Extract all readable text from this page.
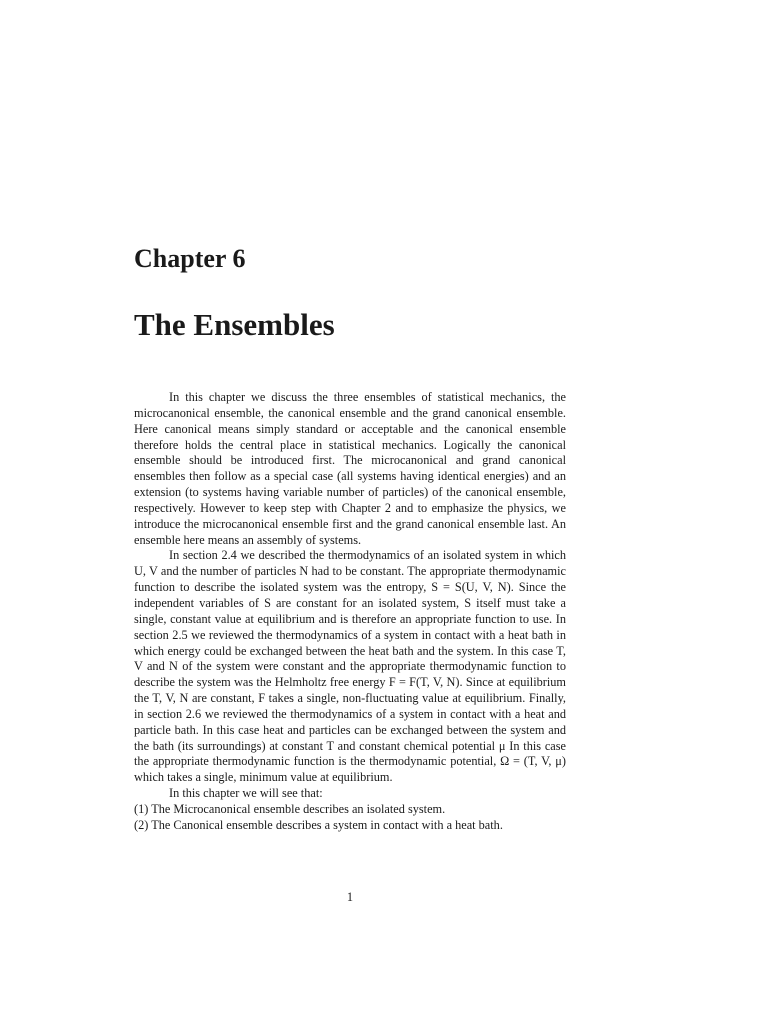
Chapter 6
The Ensembles

In this chapter we discuss the three ensembles of statistical mechanics, the microcanonical ensemble, the canonical ensemble and the grand canonical ensemble. Here canonical means simply standard or acceptable and the canonical ensemble therefore holds the central place in statistical mechanics. Logically the canonical ensemble should be introduced first. The microcanonical and grand canonical ensembles then follow as a special case (all systems having identical energies) and an extension (to systems having variable number of particles) of the canonical ensemble, respectively. However to keep step with Chapter 2 and to emphasize the physics, we introduce the microcanonical ensemble first and the grand canonical ensemble last. An ensemble here means an assembly of systems.

In section 2.4 we described the thermodynamics of an isolated system in which U, V and the number of particles N had to be constant. The appropriate thermodynamic function to describe the isolated system was the entropy, S = S(U, V, N). Since the independent variables of S are constant for an isolated system, S itself must take a single, constant value at equilibrium and is therefore an appropriate function to use. In section 2.5 we reviewed the thermodynamics of a system in contact with a heat bath in which energy could be exchanged between the heat bath and the system. In this case T, V and N of the system were constant and the appropriate thermodynamic function to describe the system was the Helmholtz free energy F = F(T, V, N). Since at equilibrium the T, V, N are constant, F takes a single, non-fluctuating value at equilibrium. Finally, in section 2.6 we reviewed the thermodynamics of a system in contact with a heat and particle bath. In this case heat and particles can be exchanged between the system and the bath (its surroundings) at constant T and constant chemical potential μ In this case the appropriate thermodynamic function is the thermodynamic potential, Ω = (T, V, μ) which takes a single, minimum value at equilibrium.

In this chapter we will see that:

(1) The Microcanonical ensemble describes an isolated system.
(2) The Canonical ensemble describes a system in contact with a heat bath.
1
